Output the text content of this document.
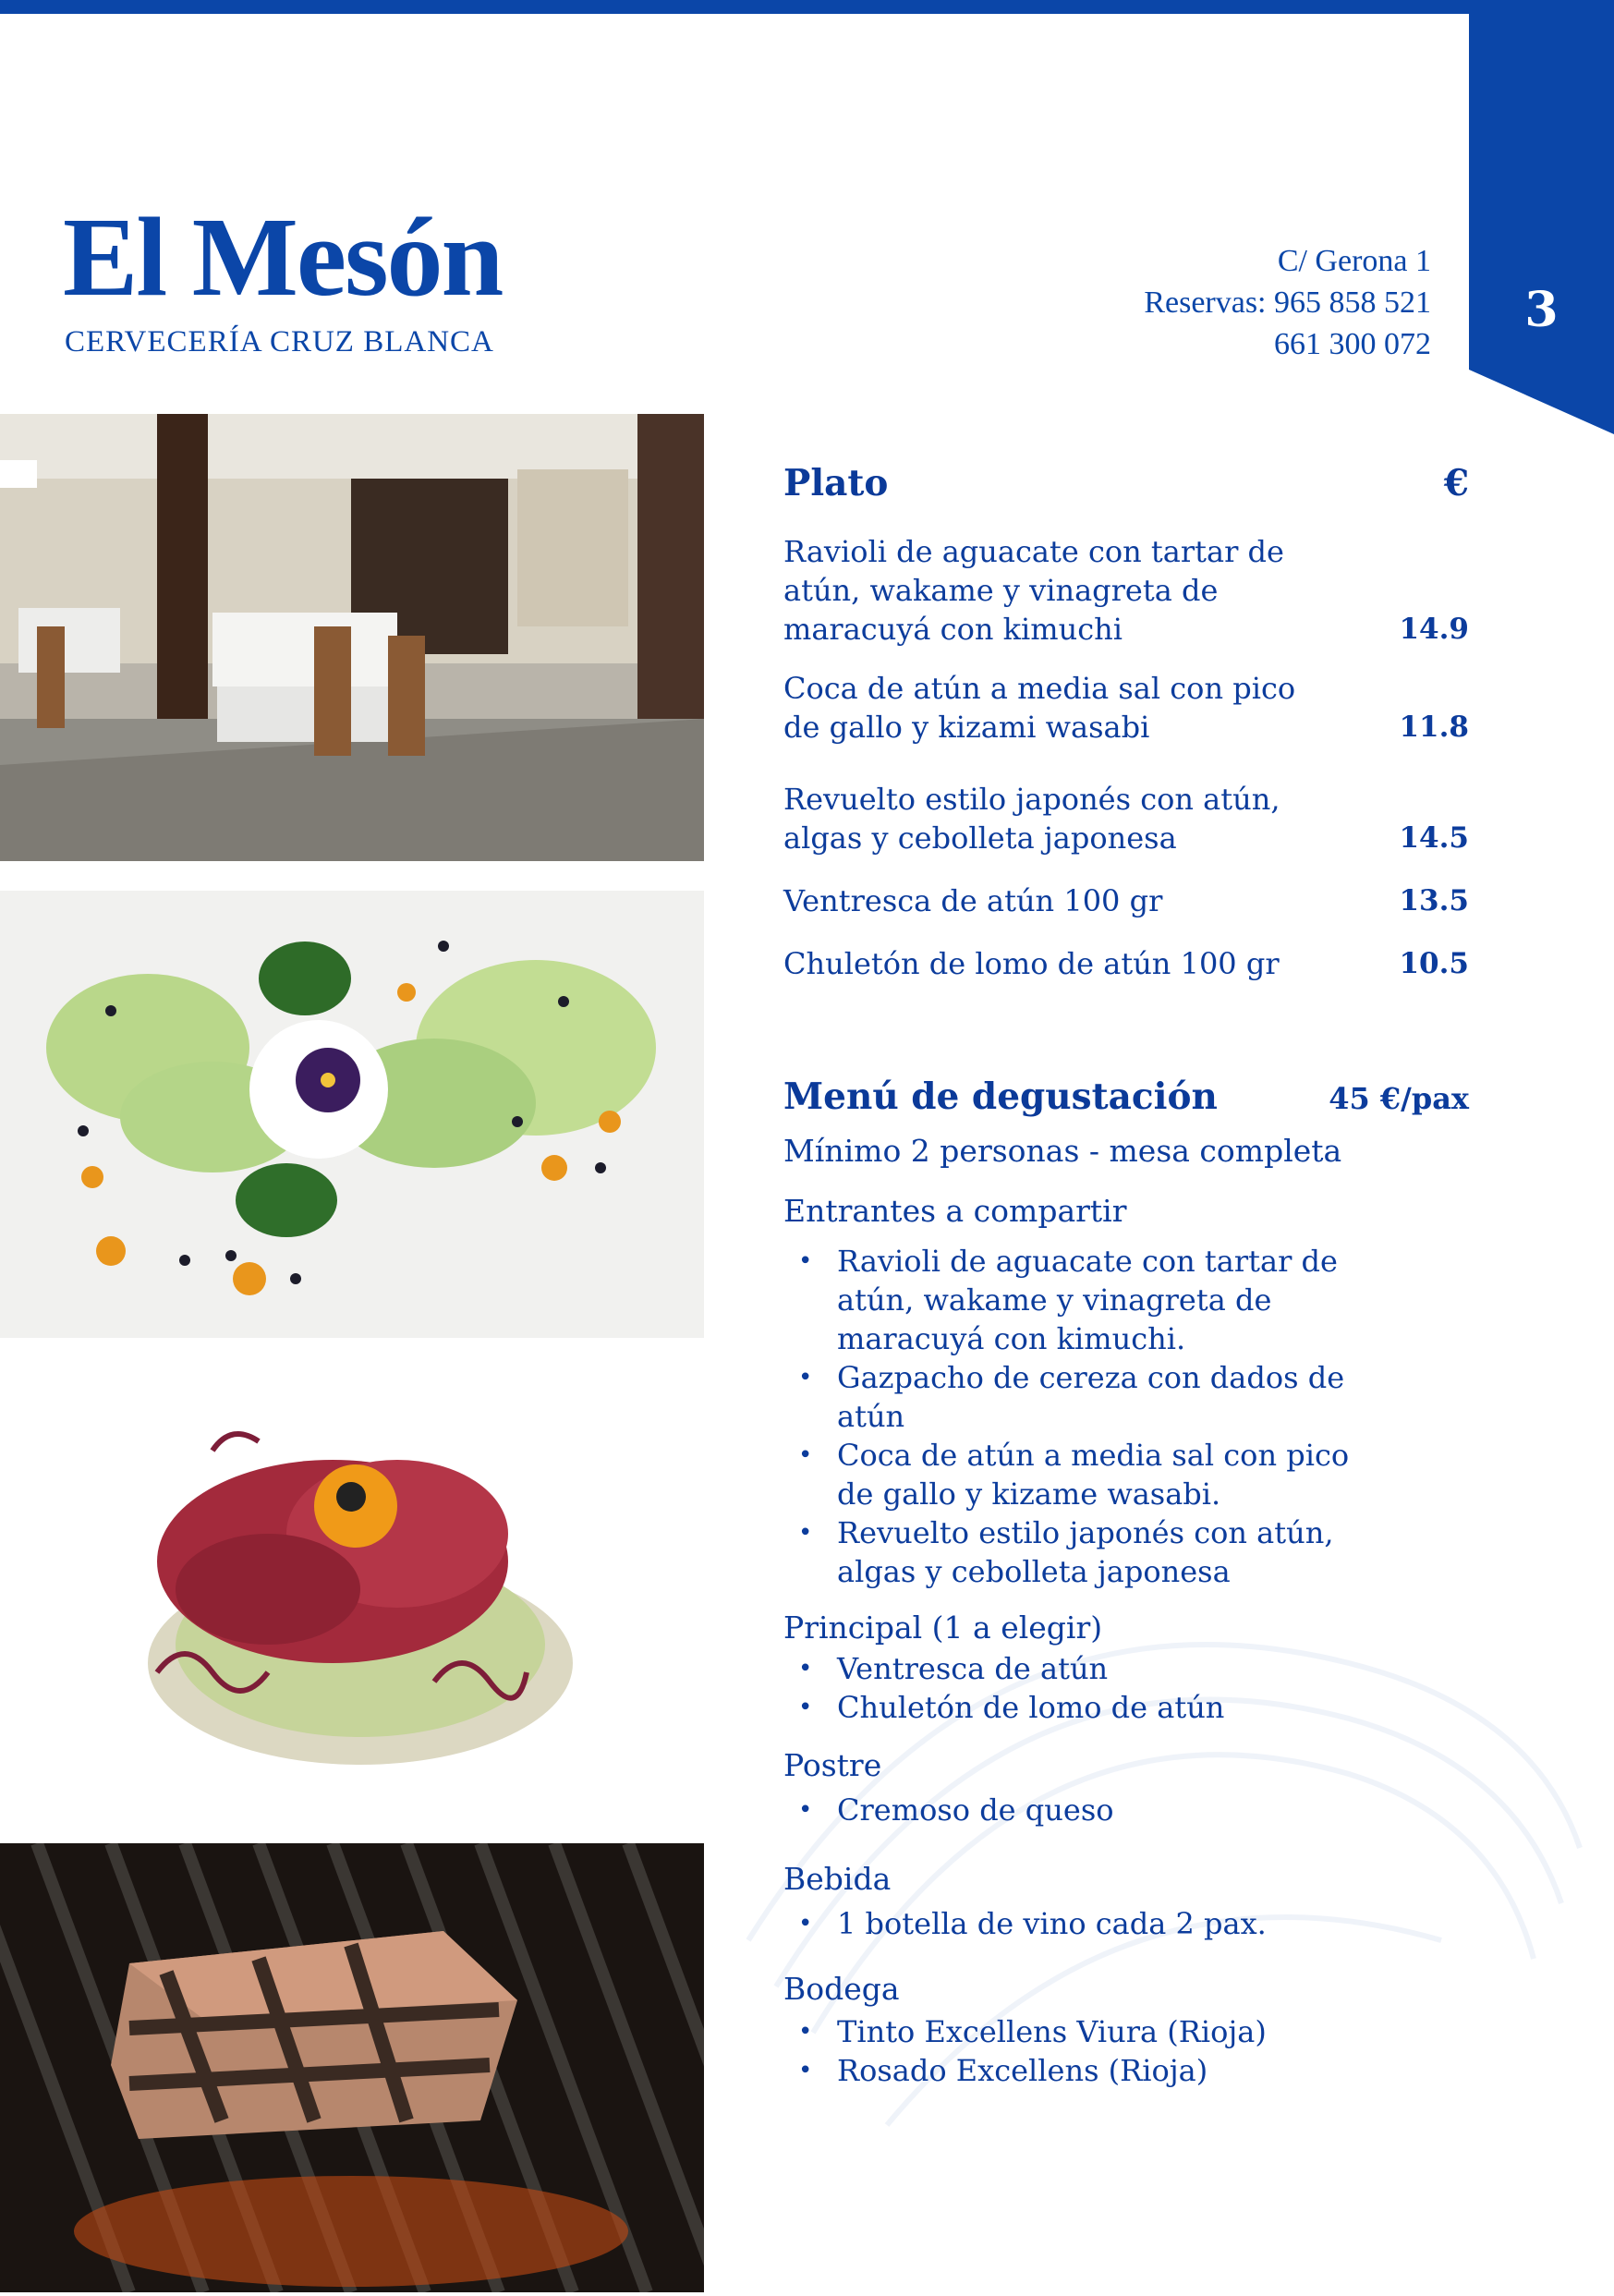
3
El Mesón
CERVECERÍA CRUZ BLANCA
C/ Gerona 1
Reservas: 965 858 521
661 300 072
Plato	€
Ravioli de aguacate con tartar de atún, wakame y vinagreta de maracuyá con kimuchi	14.9
Coca de atún a media sal con pico de gallo y kizami wasabi	11.8
Revuelto estilo japonés con atún, algas y cebolleta japonesa	14.5
Ventresca de atún 100 gr	13.5
Chuletón de lomo de atún 100 gr	10.5
Menú de degustación	45 €/pax
Mínimo 2 personas - mesa completa
Entrantes a compartir
• Ravioli de aguacate con tartar de atún, wakame y vinagreta de maracuyá con kimuchi.
• Gazpacho de cereza con dados de atún
• Coca de atún a media sal con pico de gallo y kizame wasabi.
• Revuelto estilo japonés con atún, algas y cebolleta japonesa
Principal (1 a elegir)
• Ventresca de atún
• Chuletón de lomo de atún
Postre
• Cremoso de queso
Bebida
• 1 botella de vino cada 2 pax.
Bodega
• Tinto Excellens Viura (Rioja)
• Rosado Excellens (Rioja)
